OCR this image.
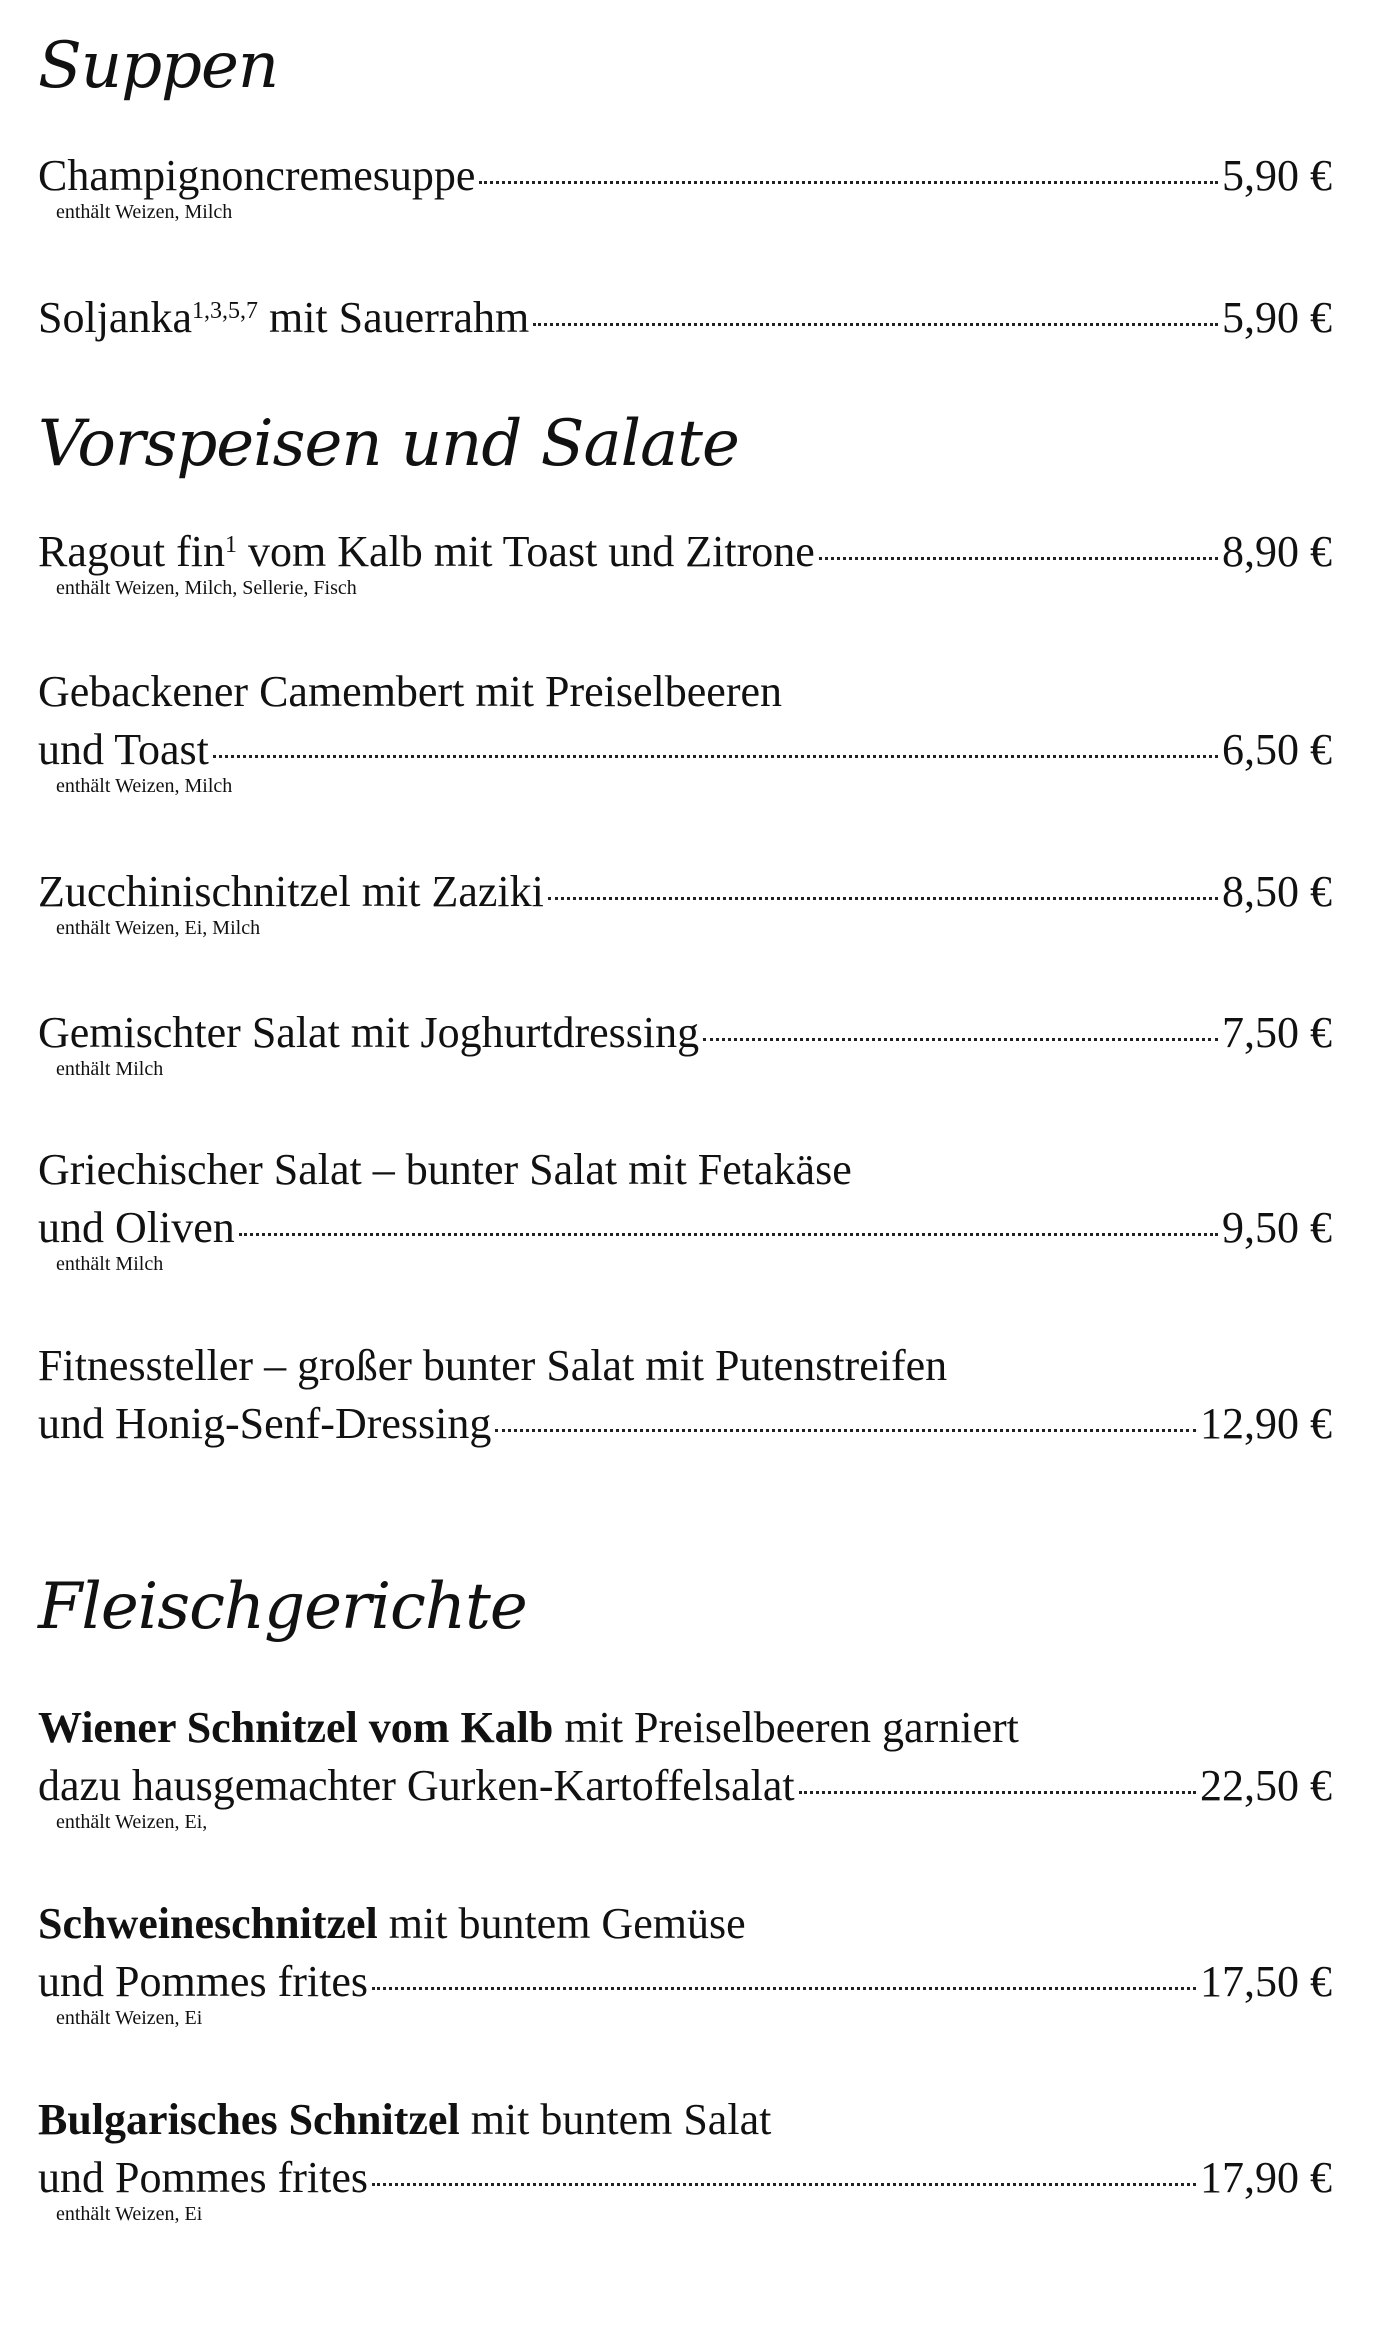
Suppen
Champignoncremesuppe	5,90 €
enthält Weizen, Milch
Soljanka$^{1,3,5,7}$ mit Sauerrahm	5,90 €
Vorspeisen und Salate
Ragout fin$^1$ vom Kalb mit Toast und Zitrone	8,90 €
enthält Weizen, Milch, Sellerie, Fisch
Gebackener Camembert mit Preiselbeeren
und Toast	6,50 €
enthält Weizen, Milch
Zucchinischnitzel mit Zaziki	8,50 €
enthält Weizen, Ei, Milch
Gemischter Salat mit Joghurtdressing	7,50 €
enthält Milch
Griechischer Salat – bunter Salat mit Fetakäse
und Oliven	9,50 €
enthält Milch
Fitnessteller – großer bunter Salat mit Putenstreifen
und Honig-Senf-Dressing	12,90 €
Fleischgerichte
Wiener Schnitzel vom Kalb mit Preiselbeeren garniert
dazu hausgemachter Gurken-Kartoffelsalat	22,50 €
enthält Weizen, Ei,
Schweineschnitzel mit buntem Gemüse
und Pommes frites	17,50 €
enthält Weizen, Ei
Bulgarisches Schnitzel mit buntem Salat
und Pommes frites	17,90 €
enthält Weizen, Ei
